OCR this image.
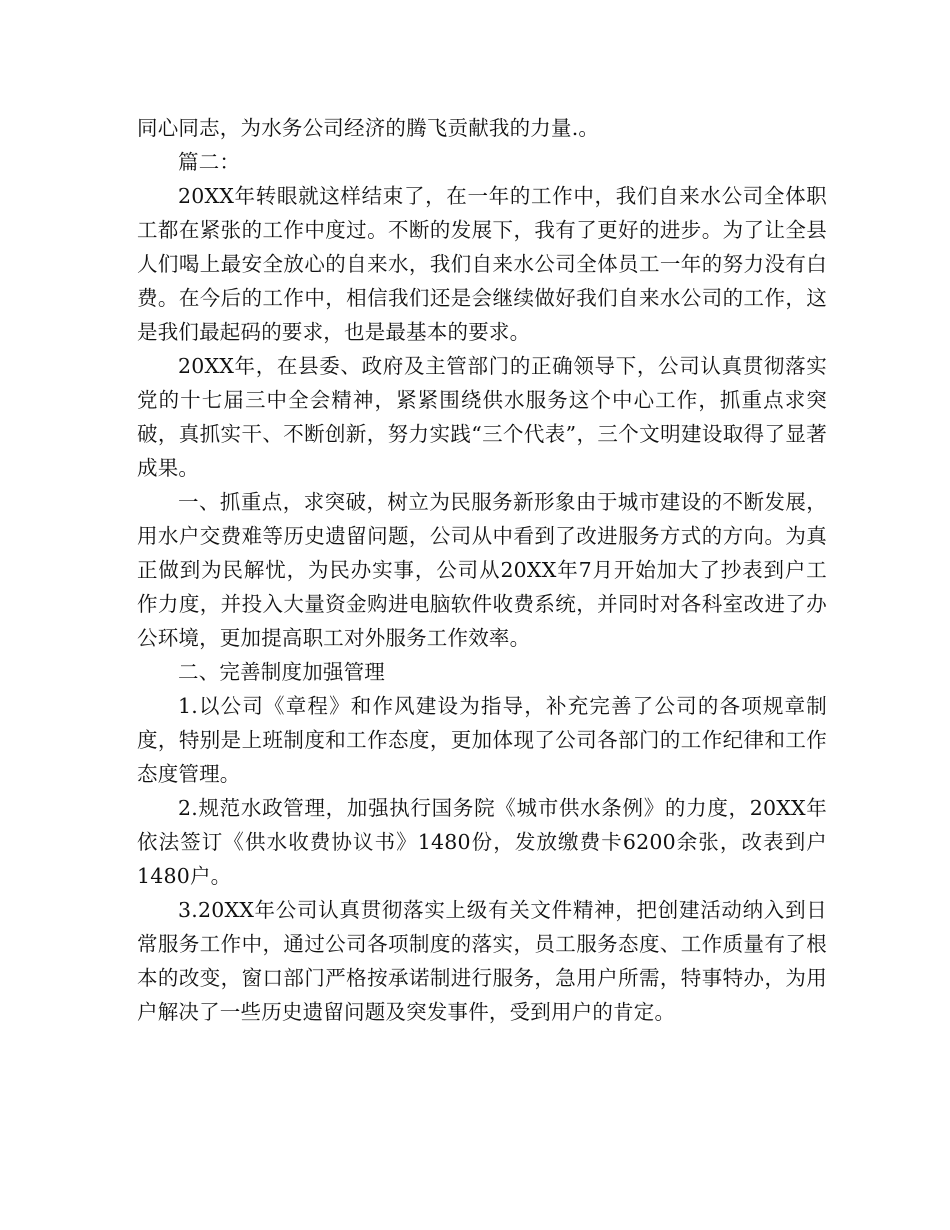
同心同志，为水务公司经济的腾飞贡献我的力量.。

篇二：

20XX年转眼就这样结束了，在一年的工作中，我们自来水公司全体职工都在紧张的工作中度过。不断的发展下，我有了更好的进步。为了让全县人们喝上最安全放心的自来水，我们自来水公司全体员工一年的努力没有白费。在今后的工作中，相信我们还是会继续做好我们自来水公司的工作，这是我们最起码的要求，也是最基本的要求。

20XX年，在县委、政府及主管部门的正确领导下，公司认真贯彻落实党的十七届三中全会精神，紧紧围绕供水服务这个中心工作，抓重点求突破，真抓实干、不断创新，努力实践“三个代表”，三个文明建设取得了显著成果。

一、抓重点，求突破，树立为民服务新形象由于城市建设的不断发展，用水户交费难等历史遗留问题，公司从中看到了改进服务方式的方向。为真正做到为民解忧，为民办实事，公司从20XX年7月开始加大了抄表到户工作力度，并投入大量资金购进电脑软件收费系统，并同时对各科室改进了办公环境，更加提高职工对外服务工作效率。

二、完善制度加强管理

1.以公司《章程》和作风建设为指导，补充完善了公司的各项规章制度，特别是上班制度和工作态度，更加体现了公司各部门的工作纪律和工作态度管理。

2.规范水政管理，加强执行国务院《城市供水条例》的力度，20XX年依法签订《供水收费协议书》1480份，发放缴费卡6200余张，改表到户1480户。

3.20XX年公司认真贯彻落实上级有关文件精神，把创建活动纳入到日常服务工作中，通过公司各项制度的落实，员工服务态度、工作质量有了根本的改变，窗口部门严格按承诺制进行服务，急用户所需，特事特办，为用户解决了一些历史遗留问题及突发事件，受到用户的肯定。
